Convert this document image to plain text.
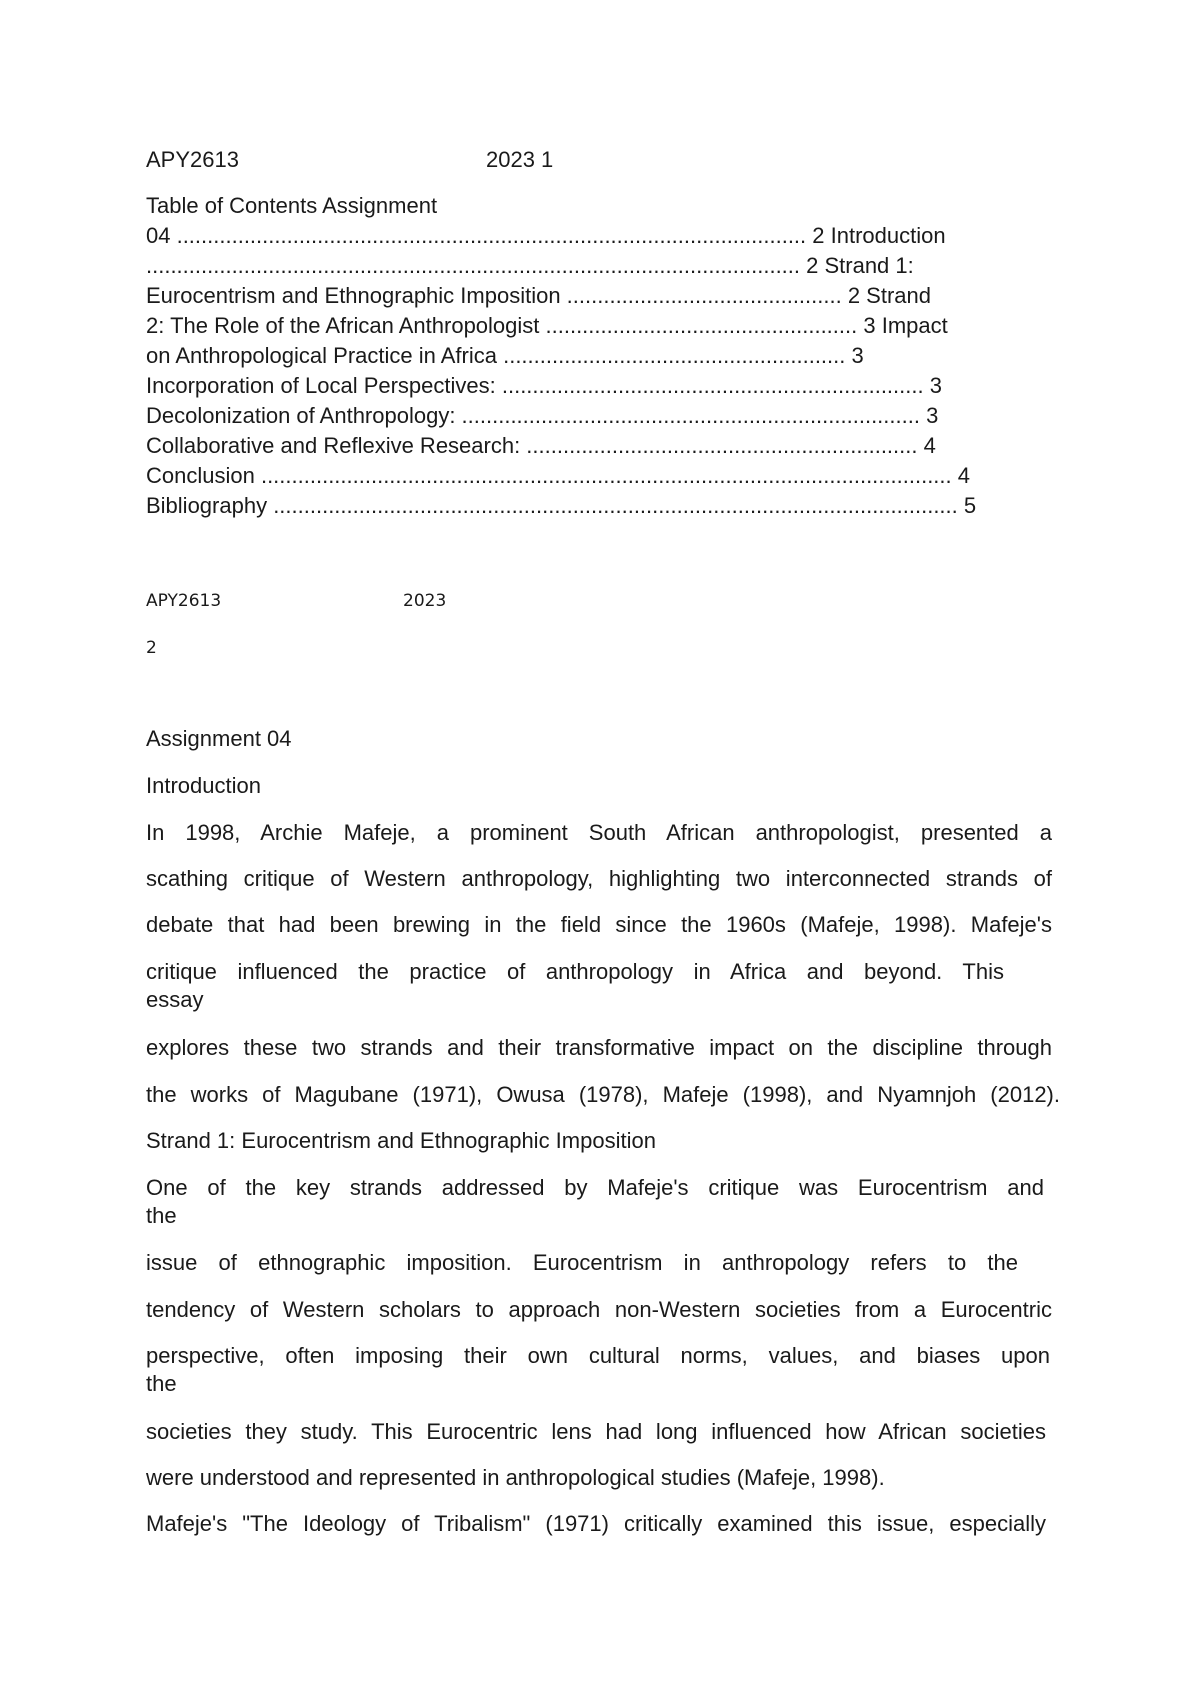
APY2613	2023 1
Table of Contents Assignment
04 ....................................................................................................... 2 Introduction
........................................................................................................... 2 Strand 1:
Eurocentrism and Ethnographic Imposition ............................................. 2 Strand
2: The Role of the African Anthropologist ................................................... 3 Impact
on Anthropological Practice in Africa ........................................................ 3
Incorporation of Local Perspectives: ..................................................................... 3
Decolonization of Anthropology: ........................................................................... 3
Collaborative and Reflexive Research: ................................................................ 4
Conclusion ................................................................................................................. 4
Bibliography ................................................................................................................ 5
APY2613	2023
2
Assignment 04
Introduction
In 1998, Archie Mafeje, a prominent South African anthropologist, presented a
scathing critique of Western anthropology, highlighting two interconnected strands of
debate that had been brewing in the field since the 1960s (Mafeje, 1998). Mafeje's
critique influenced the practice of anthropology in Africa and beyond. This
essay
explores these two strands and their transformative impact on the discipline through
the works of Magubane (1971), Owusa (1978), Mafeje (1998), and Nyamnjoh (2012).
Strand 1: Eurocentrism and Ethnographic Imposition
One of the key strands addressed by Mafeje's critique was Eurocentrism and
the
issue of ethnographic imposition. Eurocentrism in anthropology refers to the
tendency of Western scholars to approach non-Western societies from a Eurocentric
perspective, often imposing their own cultural norms, values, and biases upon
the
societies they study. This Eurocentric lens had long influenced how African societies
were understood and represented in anthropological studies (Mafeje, 1998).
Mafeje's "The Ideology of Tribalism" (1971) critically examined this issue, especially
